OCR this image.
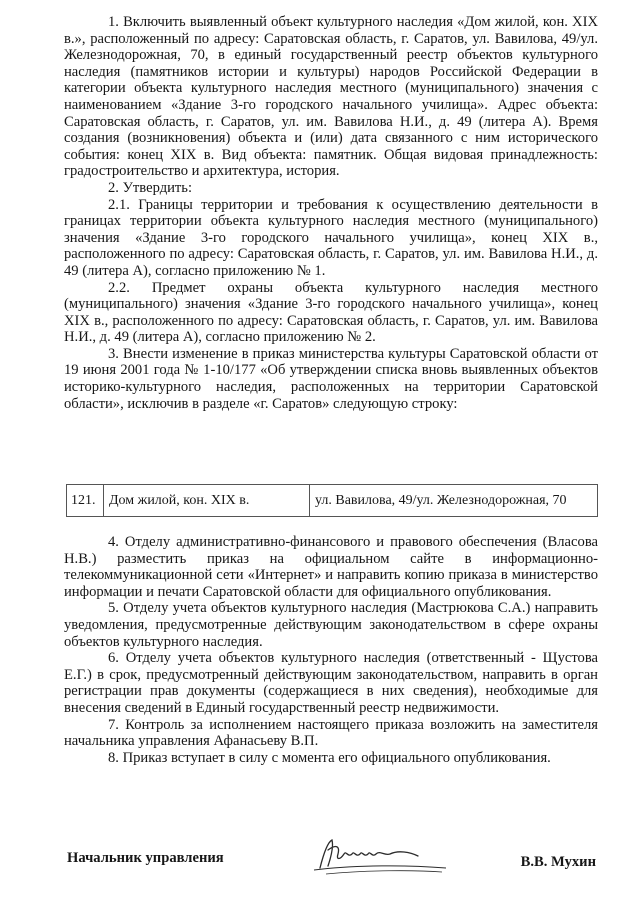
1. Включить выявленный объект культурного наследия «Дом жилой, кон. XIX в.», расположенный по адресу: Саратовская область, г. Саратов, ул. Вавилова, 49/ул. Железнодорожная, 70, в единый государственный реестр объектов культурного наследия (памятников истории и культуры) народов Российской Федерации в категории объекта культурного наследия местного (муниципального) значения с наименованием «Здание 3-го городского начального училища». Адрес объекта: Саратовская область, г. Саратов, ул. им. Вавилова Н.И., д. 49 (литера А). Время создания (возникновения) объекта и (или) дата связанного с ним исторического события: конец XIX в. Вид объекта: памятник. Общая видовая принадлежность: градостроительство и архитектура, история.

2. Утвердить:

2.1. Границы территории и требования к осуществлению деятельности в границах территории объекта культурного наследия местного (муниципального) значения «Здание 3-го городского начального училища», конец XIX в., расположенного по адресу: Саратовская область, г. Саратов, ул. им. Вавилова Н.И., д. 49 (литера А), согласно приложению № 1.

2.2. Предмет охраны объекта культурного наследия местного (муниципального) значения «Здание 3-го городского начального училища», конец XIX в., расположенного по адресу: Саратовская область, г. Саратов, ул. им. Вавилова Н.И., д. 49 (литера А), согласно приложению № 2.

3. Внести изменение в приказ министерства культуры Саратовской области от 19 июня 2001 года № 1-10/177 «Об утверждении списка вновь выявленных объектов историко-культурного наследия, расположенных на территории Саратовской области», исключив в разделе «г. Саратов» следующую строку:

121. Дом жилой, кон. XIX в.	ул. Вавилова, 49/ул. Железнодорожная, 70

4. Отделу административно-финансового и правового обеспечения (Власова Н.В.) разместить приказ на официальном сайте в информационно-телекоммуникационной сети «Интернет» и направить копию приказа в министерство информации и печати Саратовской области для официального опубликования.

5. Отделу учета объектов культурного наследия (Мастрюкова С.А.) направить уведомления, предусмотренные действующим законодательством в сфере охраны объектов культурного наследия.

6. Отделу учета объектов культурного наследия (ответственный - Щустова Е.Г.) в срок, предусмотренный действующим законодательством, направить в орган регистрации прав документы (содержащиеся в них сведения), необходимые для внесения сведений в Единый государственный реестр недвижимости.

7. Контроль за исполнением настоящего приказа возложить на заместителя начальника управления Афанасьеву В.П.

8. Приказ вступает в силу с момента его официального опубликования.

Начальник управления	В.В. Мухин
